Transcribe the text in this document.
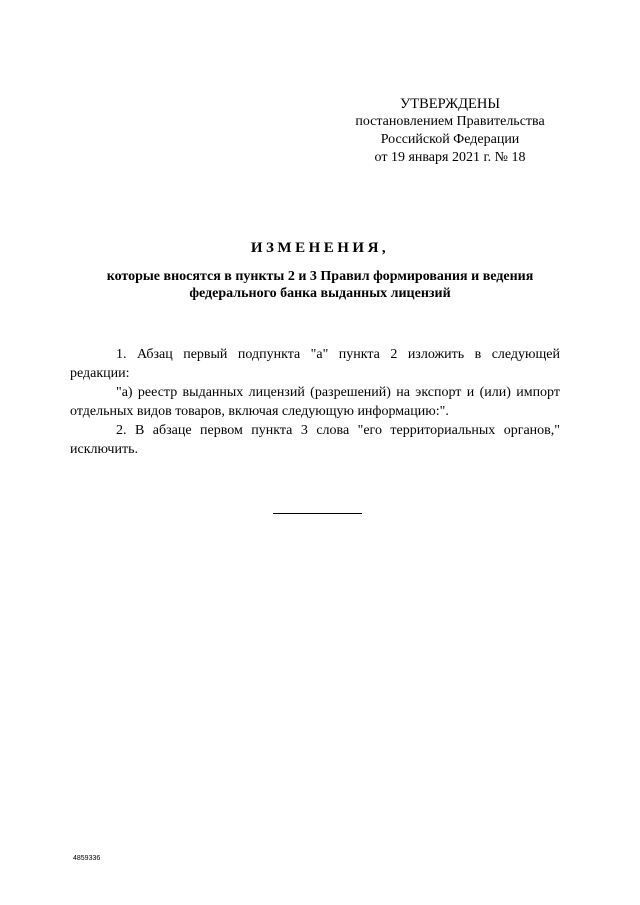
УТВЕРЖДЕНЫ
постановлением Правительства
Российской Федерации
от 19 января 2021 г. № 18
ИЗМЕНЕНИЯ,
которые вносятся в пункты 2 и 3 Правил формирования и ведения
федерального банка выданных лицензий

1. Абзац первый подпункта "а" пункта 2 изложить в следующей редакции:

"а) реестр выданных лицензий (разрешений) на экспорт и (или) импорт отдельных видов товаров, включая следующую информацию:".

2. В абзаце первом пункта 3 слова "его территориальных органов," исключить.

4859336
